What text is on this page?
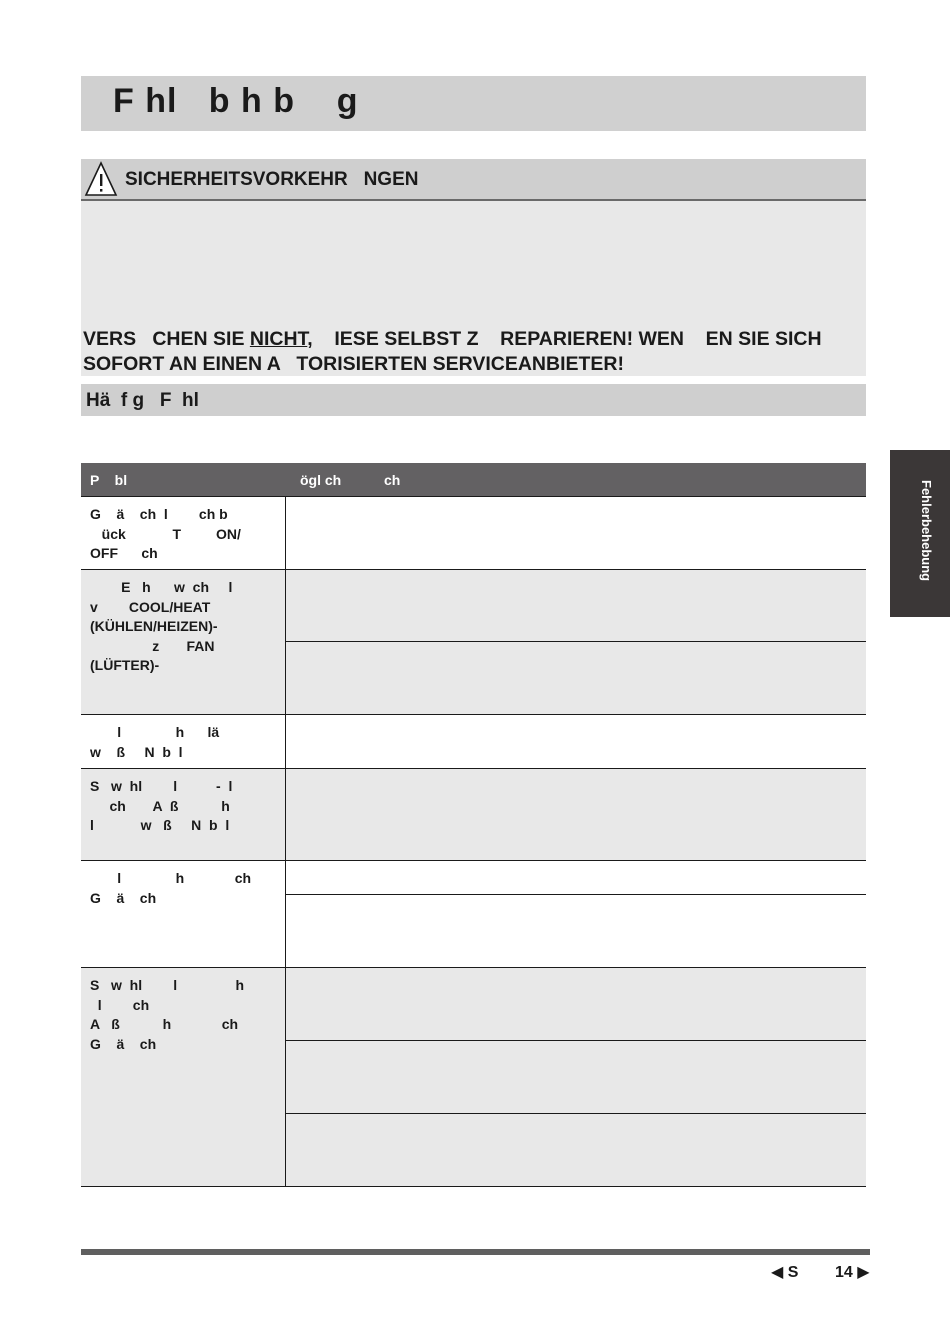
F hl   b h b    g
SICHERHEITSVORKEHR   NGEN
VERS   CHEN SIE NICHT,    IESE SELBST Z    REPARIEREN! WEN    EN SIE SICH
SOFORT AN EINEN A   TORISIERTEN SERVICEANBIETER!
Hä  f g   F  hl
P    bl	ögl ch           ch
G    ä    ch  l        ch b
ück            T         ON/
OFF      ch	

E   h      w  ch     l
v        COOL/HEAT
(KÜHLEN/HEIZEN)-
z       FAN
(LÜFTER)-	

l              h      lä
w    ß     N  b  l	

S   w  hl        l          -  l
ch       A  ß           h
l            w   ß     N  b  l	

l              h             ch
G    ä    ch	

S   w  hl        l               h
l        ch
A   ß           h             ch
G    ä    ch	
Fehlerbehebung
◀ S 14 ▶
